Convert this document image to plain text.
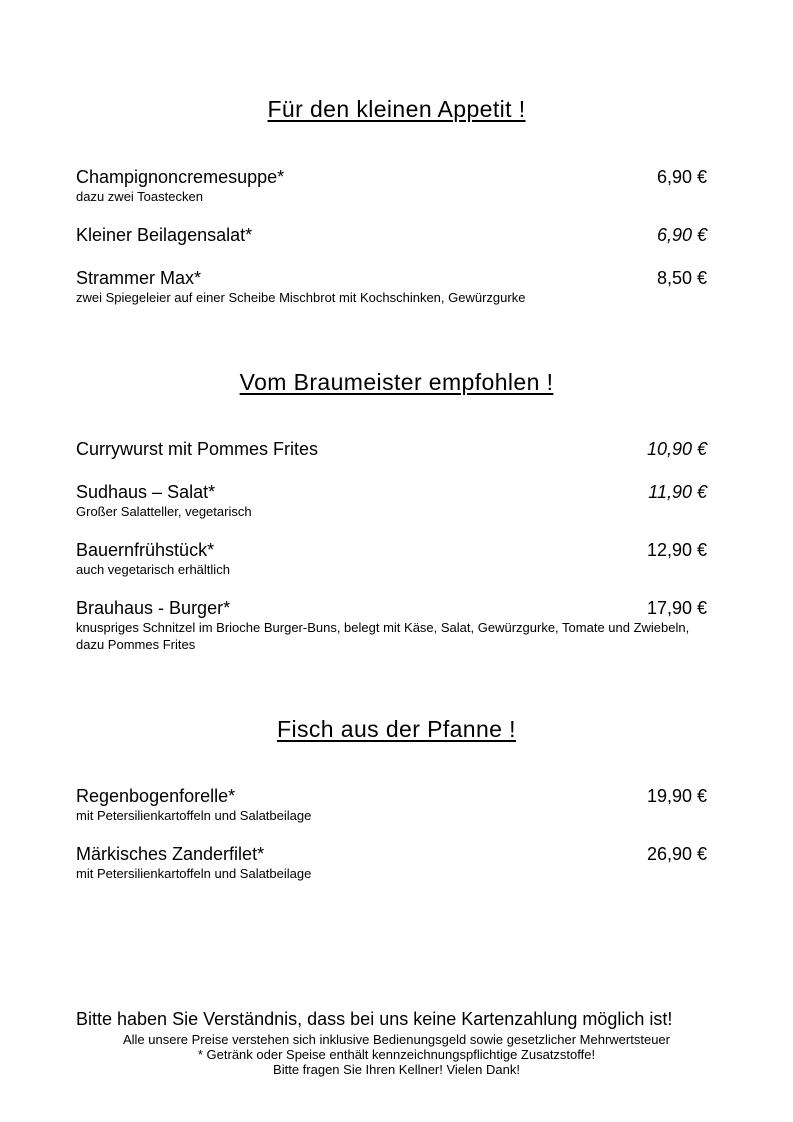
Für den kleinen Appetit !
Champignoncremesuppe*	6,90 €
dazu zwei Toastecken
Kleiner Beilagensalat*	6,90 €
Strammer Max*	8,50 €
zwei Spiegeleier auf einer Scheibe Mischbrot mit Kochschinken, Gewürzgurke
Vom Braumeister empfohlen !
Currywurst mit Pommes Frites	10,90 €
Sudhaus – Salat*	11,90 €
Großer Salatteller, vegetarisch
Bauernfrühstück*	12,90 €
auch vegetarisch erhältlich
Brauhaus - Burger*	17,90 €
knuspriges Schnitzel im Brioche Burger-Buns, belegt mit Käse, Salat, Gewürzgurke, Tomate und Zwiebeln, dazu Pommes Frites
Fisch aus der Pfanne !
Regenbogenforelle*	19,90 €
mit Petersilienkartoffeln und Salatbeilage
Märkisches Zanderfilet*	26,90 €
mit Petersilienkartoffeln und Salatbeilage
Bitte haben Sie Verständnis, dass bei uns keine Kartenzahlung möglich ist!
Alle unsere Preise verstehen sich inklusive Bedienungsgeld sowie gesetzlicher Mehrwertsteuer
* Getränk oder Speise enthält kennzeichnungspflichtige Zusatzstoffe!
Bitte fragen Sie Ihren Kellner! Vielen Dank!
